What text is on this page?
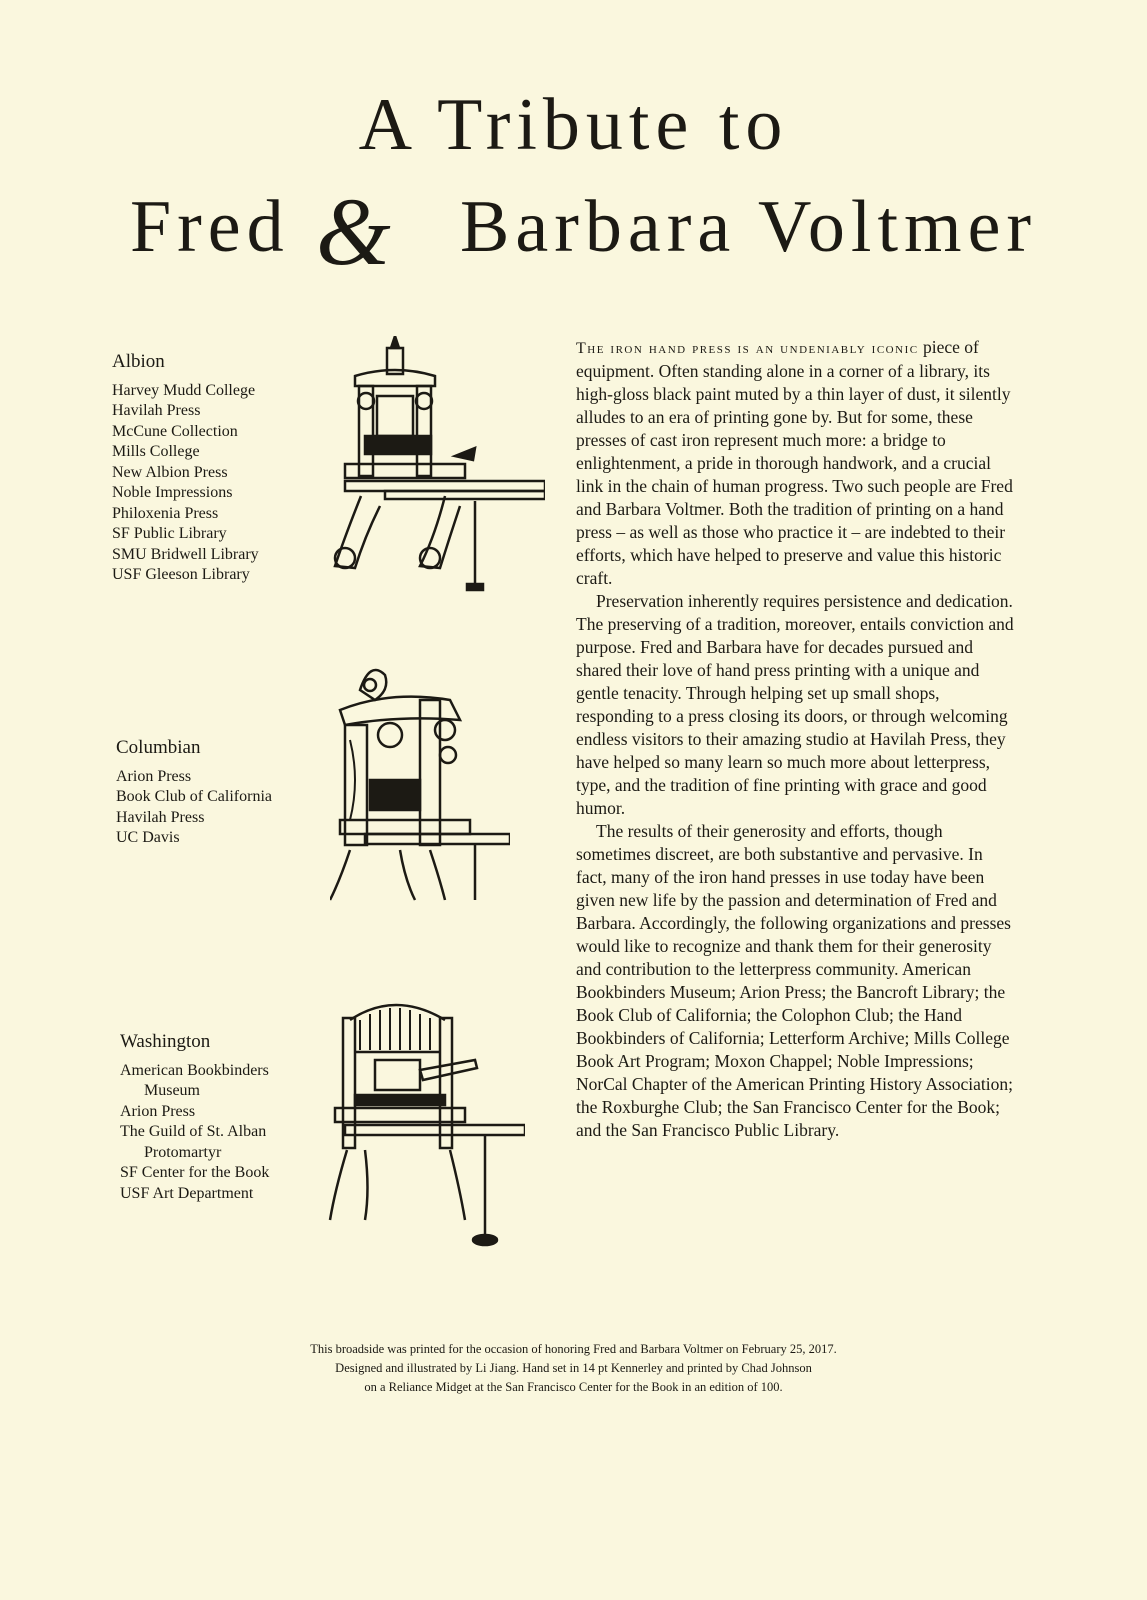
A Tribute to
Fred & Barbara Voltmer
Albion
Harvey Mudd College
Havilah Press
McCune Collection
Mills College
New Albion Press
Noble Impressions
Philoxenia Press
SF Public Library
SMU Bridwell Library
USF Gleeson Library
Columbian
Arion Press
Book Club of California
Havilah Press
UC Davis
Washington
American Bookbinders
Museum
Arion Press
The Guild of St. Alban
Protomartyr
SF Center for the Book
USF Art Department

The iron hand press is an undeniably iconic piece of equipment. Often standing alone in a corner of a library, its high-gloss black paint muted by a thin layer of dust, it silently alludes to an era of printing gone by. But for some, these presses of cast iron represent much more: a bridge to enlightenment, a pride in thorough handwork, and a crucial link in the chain of human progress. Two such people are Fred and Barbara Voltmer. Both the tradition of printing on a hand press – as well as those who practice it – are indebted to their efforts, which have helped to preserve and value this historic craft.

Preservation inherently requires persistence and dedication. The preserving of a tradition, moreover, entails conviction and purpose. Fred and Barbara have for decades pursued and shared their love of hand press printing with a unique and gentle tenacity. Through helping set up small shops, responding to a press closing its doors, or through welcoming endless visitors to their amazing studio at Havilah Press, they have helped so many learn so much more about letterpress, type, and the tradition of fine printing with grace and good humor.

The results of their generosity and efforts, though sometimes discreet, are both substantive and pervasive. In fact, many of the iron hand presses in use today have been given new life by the passion and determination of Fred and Barbara. Accordingly, the following organizations and presses would like to recognize and thank them for their generosity and contribution to the letterpress community. American Bookbinders Museum; Arion Press; the Bancroft Library; the Book Club of California; the Colophon Club; the Hand Bookbinders of California; Letterform Archive; Mills College Book Art Program; Moxon Chappel; Noble Impressions; NorCal Chapter of the American Printing History Association; the Roxburghe Club; the San Francisco Center for the Book; and the San Francisco Public Library.

This broadside was printed for the occasion of honoring Fred and Barbara Voltmer on February 25, 2017.
Designed and illustrated by Li Jiang. Hand set in 14 pt Kennerley and printed by Chad Johnson
on a Reliance Midget at the San Francisco Center for the Book in an edition of 100.
